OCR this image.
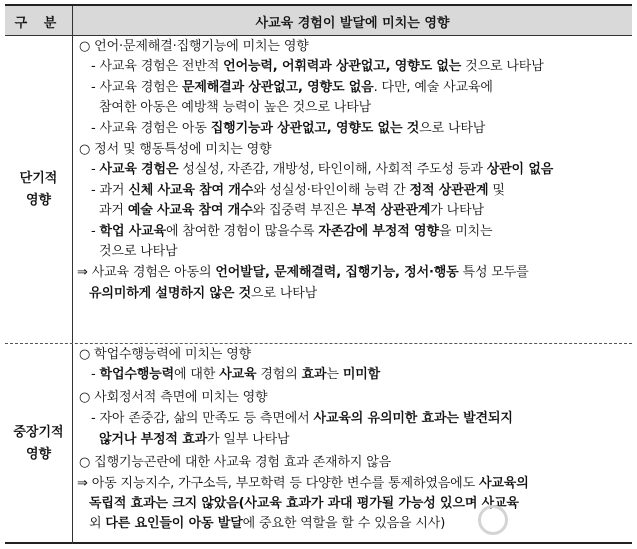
구 분	사교육 경험이 발달에 미치는 영향
단기적
영향
○ 언어·문제해결·집행기능에 미치는 영향
- 사교육 경험은 전반적 언어능력, 어휘력과 상관없고, 영향도 없는 것으로 나타남
- 사교육 경험은 문제해결과 상관없고, 영향도 없음. 다만, 예술 사교육에
참여한 아동은 예방책 능력이 높은 것으로 나타남
- 사교육 경험은 아동 집행기능과 상관없고, 영향도 없는 것으로 나타남
○ 정서 및 행동특성에 미치는 영향
- 사교육 경험은 성실성, 자존감, 개방성, 타인이해, 사회적 주도성 등과 상관이 없음
- 과거 신체 사교육 참여 개수와 성실성·타인이해 능력 간 정적 상관관계 및
과거 예술 사교육 참여 개수와 집중력 부진은 부적 상관관계가 나타남
- 학업 사교육에 참여한 경험이 많을수록 자존감에 부정적 영향을 미치는
것으로 나타남
⇒ 사교육 경험은 아동의 언어발달, 문제해결력, 집행기능, 정서·행동 특성 모두를
유의미하게 설명하지 않은 것으로 나타남
중장기적
영향
○ 학업수행능력에 미치는 영향
- 학업수행능력에 대한 사교육 경험의 효과는 미미함
○ 사회정서적 측면에 미치는 영향
- 자아 존중감, 삶의 만족도 등 측면에서 사교육의 유의미한 효과는 발견되지
않거나 부정적 효과가 일부 나타남
○ 집행기능곤란에 대한 사교육 경험 효과 존재하지 않음
⇒ 아동 지능지수, 가구소득, 부모학력 등 다양한 변수를 통제하였음에도 사교육의
독립적 효과는 크지 않았음(사교육 효과가 과대 평가될 가능성 있으며 사교육
외 다른 요인들이 아동 발달에 중요한 역할을 할 수 있음을 시사)
